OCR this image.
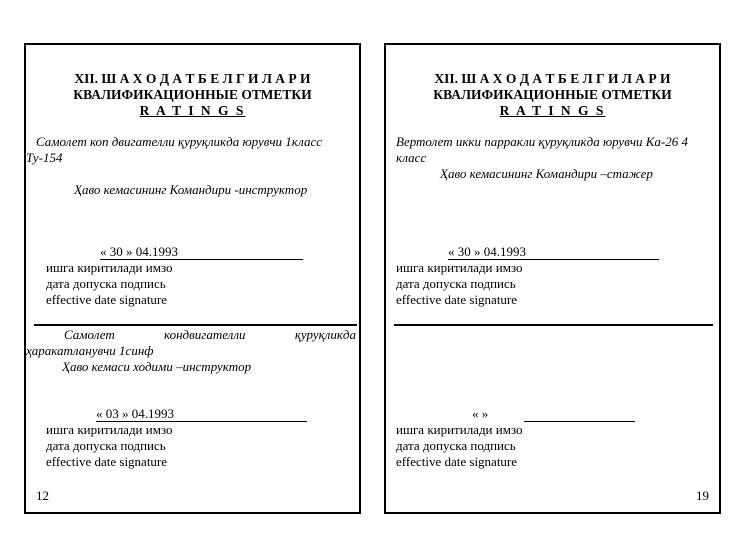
XII. Ш А Х О Д А Т Б Е Л Г И Л А Р И
КВАЛИФИКАЦИОННЫЕ ОТМЕТКИ
R A T I N G S
Самолет коп двигателли қуруқликда юрувчи 1класс
Ту-154
Ҳаво кемасининг Командири -инструктор
« 30 » 04.1993
ишга киритилади имзо
дата допуска подпись
effective date signature
Самолет	кондвигателли	қуруқликда
ҳаракатланувчи 1синф
Ҳаво кемаси ходими –инструктор
« 03 » 04.1993
ишга киритилади имзо
дата допуска подпись
effective date signature
12
XII. Ш А Х О Д А Т Б Е Л Г И Л А Р И
КВАЛИФИКАЦИОННЫЕ ОТМЕТКИ
R A T I N G S
Вертолет икки парракли қуруқликда юрувчи Ка-26 4
класс
Ҳаво кемасининг Командири –стажер
« 30 » 04.1993
ишга киритилади имзо
дата допуска подпись
effective date signature
« »
ишга киритилади имзо
дата допуска подпись
effective date signature
19
